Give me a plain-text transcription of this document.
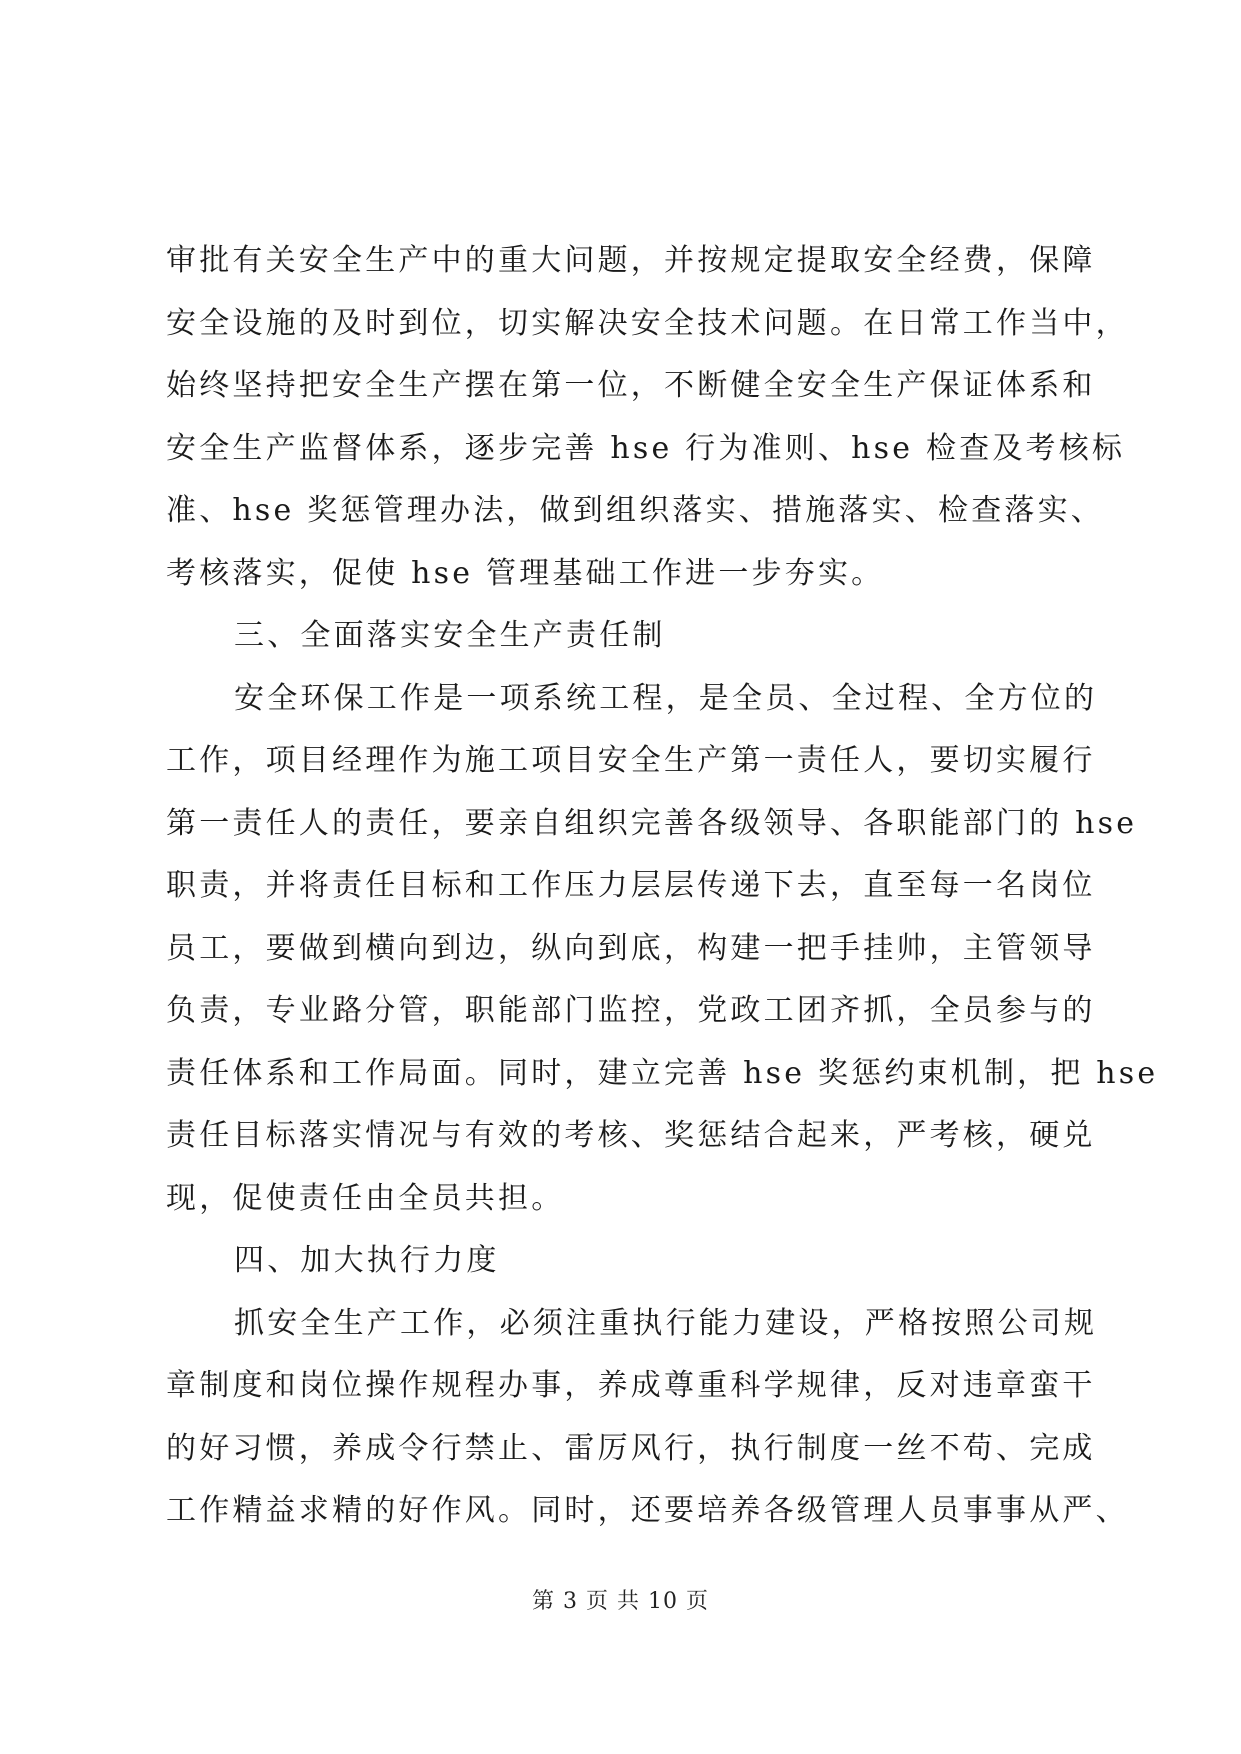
审批有关安全生产中的重大问题，并按规定提取安全经费，保障
安全设施的及时到位，切实解决安全技术问题。在日常工作当中，
始终坚持把安全生产摆在第一位，不断健全安全生产保证体系和
安全生产监督体系，逐步完善 hse 行为准则、hse 检查及考核标
准、hse 奖惩管理办法，做到组织落实、措施落实、检查落实、
考核落实，促使 hse 管理基础工作进一步夯实。
三、全面落实安全生产责任制
安全环保工作是一项系统工程，是全员、全过程、全方位的
工作，项目经理作为施工项目安全生产第一责任人，要切实履行
第一责任人的责任，要亲自组织完善各级领导、各职能部门的 hse
职责，并将责任目标和工作压力层层传递下去，直至每一名岗位
员工，要做到横向到边，纵向到底，构建一把手挂帅，主管领导
负责，专业路分管，职能部门监控，党政工团齐抓，全员参与的
责任体系和工作局面。同时，建立完善 hse 奖惩约束机制，把 hse
责任目标落实情况与有效的考核、奖惩结合起来，严考核，硬兑
现，促使责任由全员共担。
四、加大执行力度
抓安全生产工作，必须注重执行能力建设，严格按照公司规
章制度和岗位操作规程办事，养成尊重科学规律，反对违章蛮干
的好习惯，养成令行禁止、雷厉风行，执行制度一丝不苟、完成
工作精益求精的好作风。同时，还要培养各级管理人员事事从严、
第 3 页 共 10 页
